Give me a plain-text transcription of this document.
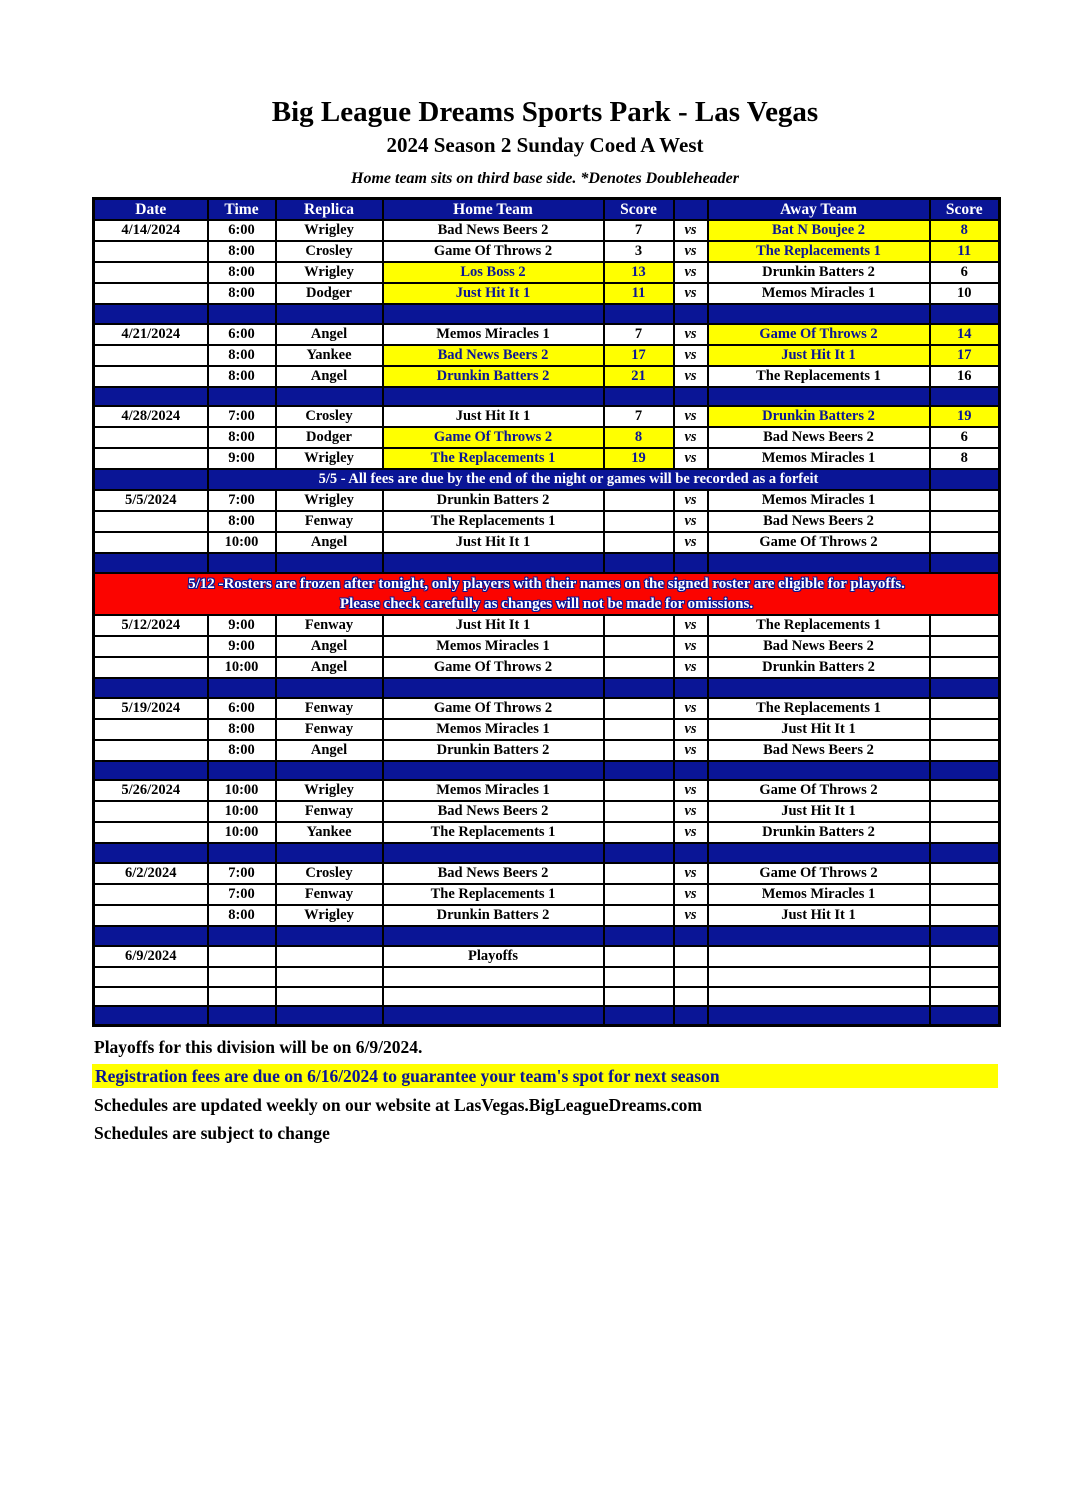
Big League Dreams Sports Park - Las Vegas
2024 Season 2 Sunday Coed A West
Home team sits on third base side. *Denotes Doubleheader
Date	Time	Replica	Home Team	Score		Away Team	Score
4/14/2024	6:00	Wrigley	Bad News Beers 2	7	vs	Bat N Boujee 2	8
	8:00	Crosley	Game Of Throws 2	3	vs	The Replacements 1	11
	8:00	Wrigley	Los Boss 2	13	vs	Drunkin Batters 2	6
	8:00	Dodger	Just Hit It 1	11	vs	Memos Miracles 1	10

4/21/2024	6:00	Angel	Memos Miracles 1	7	vs	Game Of Throws 2	14
	8:00	Yankee	Bad News Beers 2	17	vs	Just Hit It 1	17
	8:00	Angel	Drunkin Batters 2	21	vs	The Replacements 1	16

4/28/2024	7:00	Crosley	Just Hit It 1	7	vs	Drunkin Batters 2	19
	8:00	Dodger	Game Of Throws 2	8	vs	Bad News Beers 2	6
	9:00	Wrigley	The Replacements 1	19	vs	Memos Miracles 1	8
	5/5 - All fees are due by the end of the night or games will be recorded as a forfeit						
5/5/2024	7:00	Wrigley	Drunkin Batters 2		vs	Memos Miracles 1	
	8:00	Fenway	The Replacements 1		vs	Bad News Beers 2	
	10:00	Angel	Just Hit It 1		vs	Game Of Throws 2	

5/12 -Rosters are frozen after tonight, only players with their names on the signed roster are eligible for playoffs.
Please check carefully as changes will not be made for omissions.							

5/12/2024	9:00	Fenway	Just Hit It 1		vs	The Replacements 1	
	9:00	Angel	Memos Miracles 1		vs	Bad News Beers 2	
	10:00	Angel	Game Of Throws 2		vs	Drunkin Batters 2	

5/19/2024	6:00	Fenway	Game Of Throws 2		vs	The Replacements 1	
	8:00	Fenway	Memos Miracles 1		vs	Just Hit It 1	
	8:00	Angel	Drunkin Batters 2		vs	Bad News Beers 2	

5/26/2024	10:00	Wrigley	Memos Miracles 1		vs	Game Of Throws 2	
	10:00	Fenway	Bad News Beers 2		vs	Just Hit It 1	
	10:00	Yankee	The Replacements 1		vs	Drunkin Batters 2	

6/2/2024	7:00	Crosley	Bad News Beers 2		vs	Game Of Throws 2	
	7:00	Fenway	The Replacements 1		vs	Memos Miracles 1	
	8:00	Wrigley	Drunkin Batters 2		vs	Just Hit It 1	

6/9/2024			Playoffs				

Playoffs for this division will be on 6/9/2024.
Registration fees are due on 6/16/2024 to guarantee your team's spot for next season
Schedules are updated weekly on our website at LasVegas.BigLeagueDreams.com
Schedules are subject to change
